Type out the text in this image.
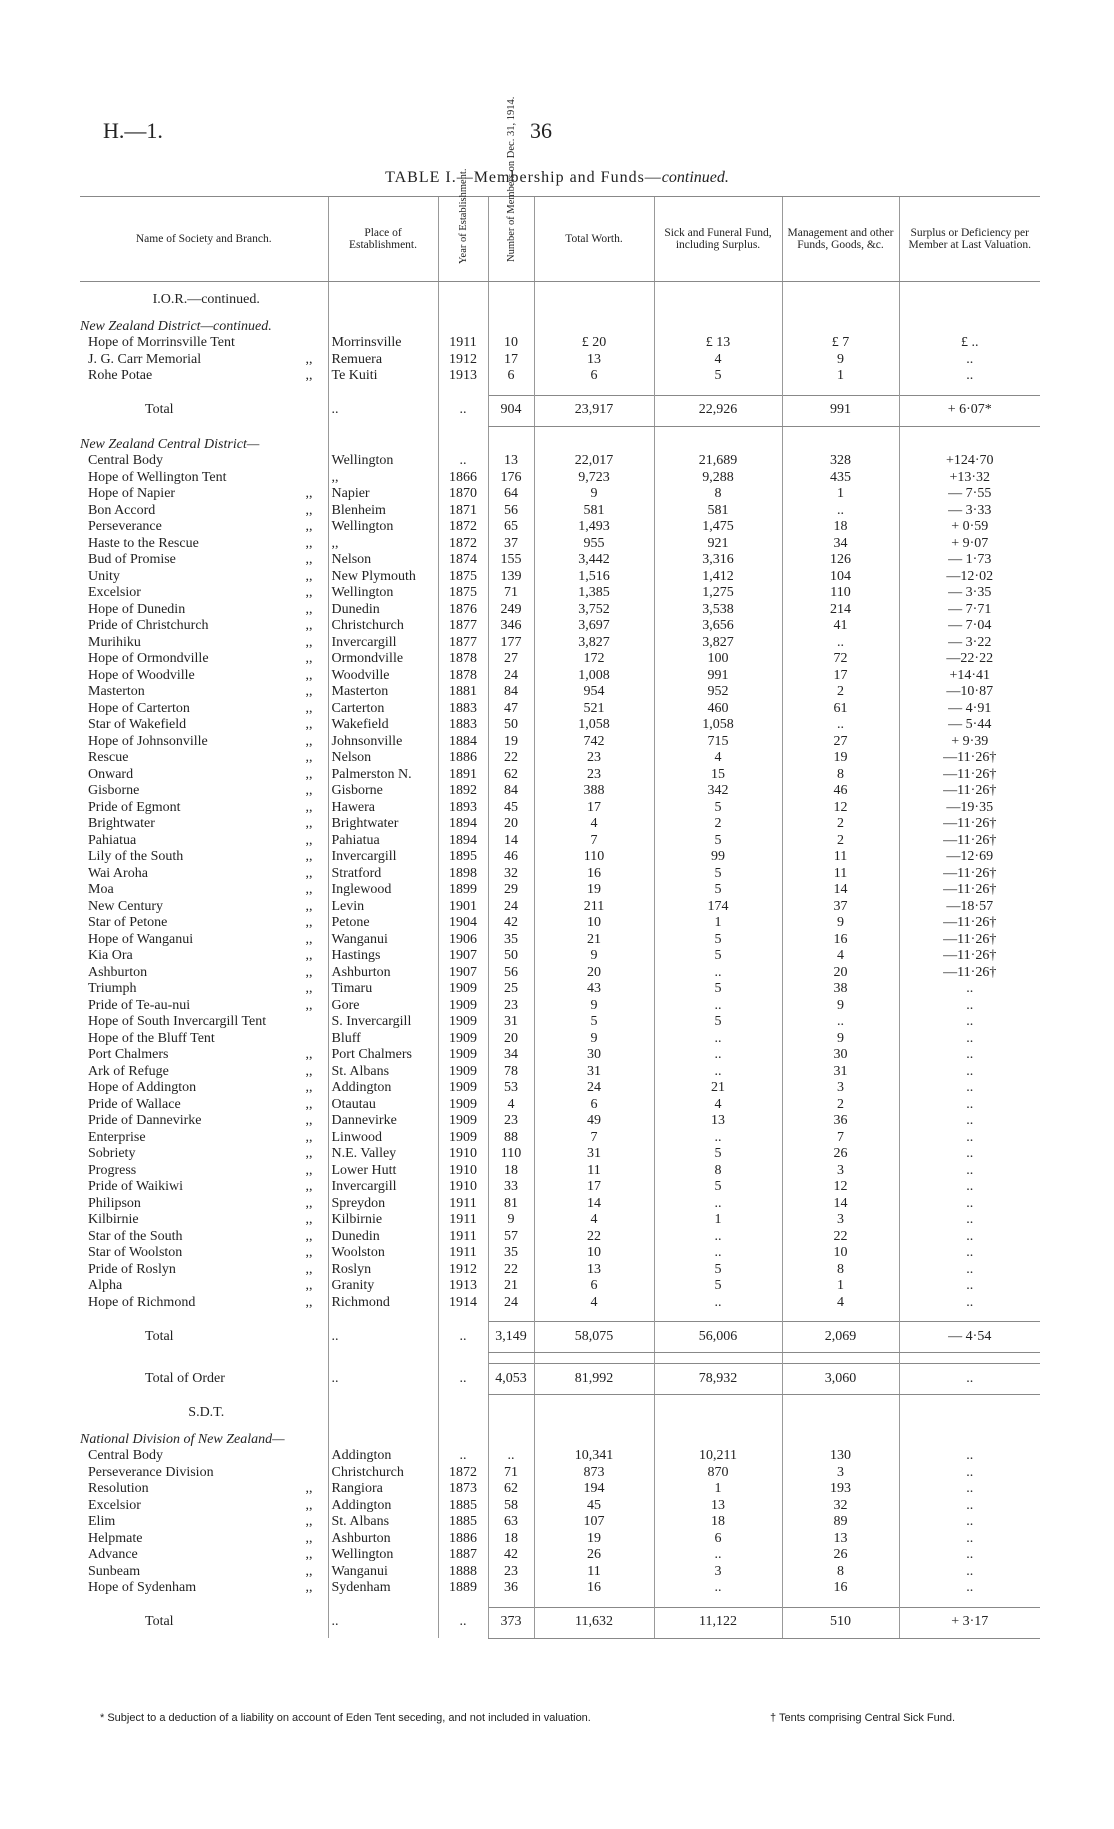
H.—1.	36
TABLE I.—Membership and Funds—continued.
Name of Society and Branch.	Place of Establishment.	Year of Establishment.	Number of Members on Dec. 31, 1914.	Total Worth.	Sick and Funeral Fund, including Surplus.	Management and other Funds, Goods, &c.	Surplus or Deficiency per Member at Last Valuation.

I.O.R.—continued.							

New Zealand District—continued.							
Hope of Morrinsville Tent	Morrinsville	1911	10	£ 20	£ 13	£ 7	£ ..
J. G. Carr Memorial ,,	Remuera	1912	17	13	4	9	..
Rohe Potae ,,	Te Kuiti	1913	6	6	5	1	..

Total	..	..	904	23,917	22,926	991	+ 6·07*

New Zealand Central District—							
Central Body	Wellington	..	13	22,017	21,689	328	+124·70
Hope of Wellington Tent	,,	1866	176	9,723	9,288	435	+13·32
Hope of Napier ,,	Napier	1870	64	9	8	1	— 7·55
Bon Accord ,,	Blenheim	1871	56	581	581	..	— 3·33
Perseverance ,,	Wellington	1872	65	1,493	1,475	18	+ 0·59
Haste to the Rescue ,,	,,	1872	37	955	921	34	+ 9·07
Bud of Promise ,,	Nelson	1874	155	3,442	3,316	126	— 1·73
Unity ,,	New Plymouth	1875	139	1,516	1,412	104	—12·02
Excelsior ,,	Wellington	1875	71	1,385	1,275	110	— 3·35
Hope of Dunedin ,,	Dunedin	1876	249	3,752	3,538	214	— 7·71
Pride of Christchurch ,,	Christchurch	1877	346	3,697	3,656	41	— 7·04
Murihiku ,,	Invercargill	1877	177	3,827	3,827	..	— 3·22
Hope of Ormondville ,,	Ormondville	1878	27	172	100	72	—22·22
Hope of Woodville ,,	Woodville	1878	24	1,008	991	17	+14·41
Masterton ,,	Masterton	1881	84	954	952	2	—10·87
Hope of Carterton ,,	Carterton	1883	47	521	460	61	— 4·91
Star of Wakefield ,,	Wakefield	1883	50	1,058	1,058	..	— 5·44
Hope of Johnsonville ,,	Johnsonville	1884	19	742	715	27	+ 9·39
Rescue ,,	Nelson	1886	22	23	4	19	—11·26†
Onward ,,	Palmerston N.	1891	62	23	15	8	—11·26†
Gisborne ,,	Gisborne	1892	84	388	342	46	—11·26†
Pride of Egmont ,,	Hawera	1893	45	17	5	12	—19·35
Brightwater ,,	Brightwater	1894	20	4	2	2	—11·26†
Pahiatua ,,	Pahiatua	1894	14	7	5	2	—11·26†
Lily of the South ,,	Invercargill	1895	46	110	99	11	—12·69
Wai Aroha ,,	Stratford	1898	32	16	5	11	—11·26†
Moa ,,	Inglewood	1899	29	19	5	14	—11·26†
New Century ,,	Levin	1901	24	211	174	37	—18·57
Star of Petone ,,	Petone	1904	42	10	1	9	—11·26†
Hope of Wanganui ,,	Wanganui	1906	35	21	5	16	—11·26†
Kia Ora ,,	Hastings	1907	50	9	5	4	—11·26†
Ashburton ,,	Ashburton	1907	56	20	..	20	—11·26†
Triumph ,,	Timaru	1909	25	43	5	38	..
Pride of Te-au-nui ,,	Gore	1909	23	9	..	9	..
Hope of South Invercargill Tent	S. Invercargill	1909	31	5	5	..	..
Hope of the Bluff Tent	Bluff	1909	20	9	..	9	..
Port Chalmers ,,	Port Chalmers	1909	34	30	..	30	..
Ark of Refuge ,,	St. Albans	1909	78	31	..	31	..
Hope of Addington ,,	Addington	1909	53	24	21	3	..
Pride of Wallace ,,	Otautau	1909	4	6	4	2	..
Pride of Dannevirke ,,	Dannevirke	1909	23	49	13	36	..
Enterprise ,,	Linwood	1909	88	7	..	7	..
Sobriety ,,	N.E. Valley	1910	110	31	5	26	..
Progress ,,	Lower Hutt	1910	18	11	8	3	..
Pride of Waikiwi ,,	Invercargill	1910	33	17	5	12	..
Philipson ,,	Spreydon	1911	81	14	..	14	..
Kilbirnie ,,	Kilbirnie	1911	9	4	1	3	..
Star of the South ,,	Dunedin	1911	57	22	..	22	..
Star of Woolston ,,	Woolston	1911	35	10	..	10	..
Pride of Roslyn ,,	Roslyn	1912	22	13	5	8	..
Alpha ,,	Granity	1913	21	6	5	1	..
Hope of Richmond ,,	Richmond	1914	24	4	..	4	..

Total	..	..	3,149	58,075	56,006	2,069	— 4·54

Total of Order	..	..	4,053	81,992	78,932	3,060	..

S.D.T.							

National Division of New Zealand—							
Central Body	Addington	..	..	10,341	10,211	130	..
Perseverance Division	Christchurch	1872	71	873	870	3	..
Resolution ,,	Rangiora	1873	62	194	1	193	..
Excelsior ,,	Addington	1885	58	45	13	32	..
Elim ,,	St. Albans	1885	63	107	18	89	..
Helpmate ,,	Ashburton	1886	18	19	6	13	..
Advance ,,	Wellington	1887	42	26	..	26	..
Sunbeam ,,	Wanganui	1888	23	11	3	8	..
Hope of Sydenham ,,	Sydenham	1889	36	16	..	16	..

Total	..	..	373	11,632	11,122	510	+ 3·17
* Subject to a deduction of a liability on account of Eden Tent seceding, and not included in valuation.	† Tents comprising Central Sick Fund.
